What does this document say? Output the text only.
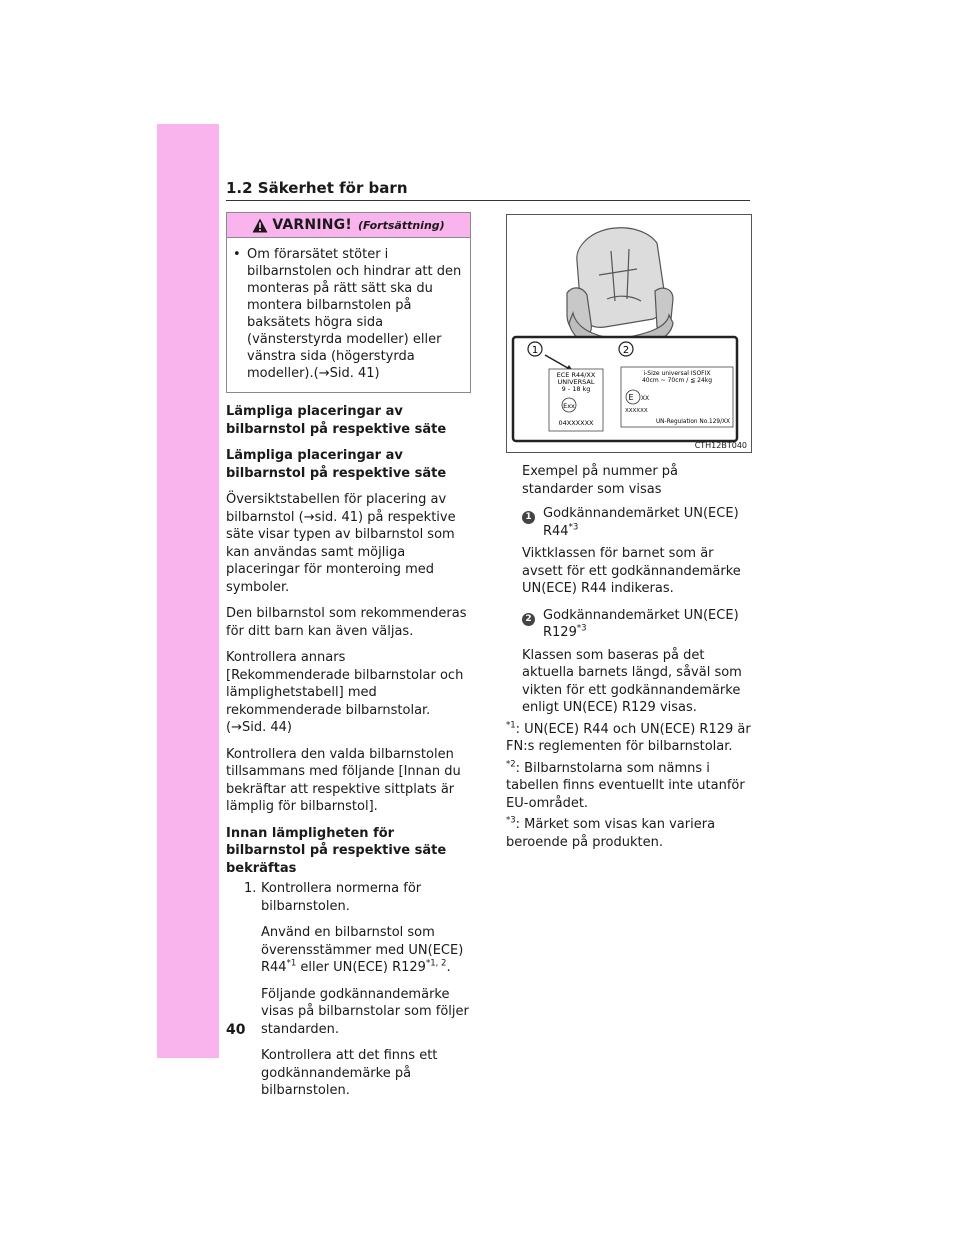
1.2 Säkerhet för barn
VARNING! (Fortsättning)
• Om förarsätet stöter i bilbarnstolen och hindrar att den monteras på rätt sätt ska du montera bilbarnstolen på baksätets högra sida (vänsterstyrda modeller) eller vänstra sida (högerstyrda modeller).(→Sid. 41)

Lämpliga placeringar av bilbarnstol på respektive säte

Lämpliga placeringar av bilbarnstol på respektive säte

Översiktstabellen för placering av bilbarnstol (→sid. 41) på respektive säte visar typen av bilbarnstol som kan användas samt möjliga placeringar för monteroing med symboler.

Den bilbarnstol som rekommenderas för ditt barn kan även väljas.

Kontrollera annars [Rekommenderade bilbarnstolar och lämplighetstabell] med rekommenderade bilbarnstolar. (→Sid. 44)

Kontrollera den valda bilbarnstolen tillsammans med följande [Innan du bekräftar att respektive sittplats är lämplig för bilbarnstol].

Innan lämpligheten för bilbarnstol på respektive säte bekräftas

1. Kontrollera normerna för bilbarnstolen.

Använd en bilbarnstol som överensstämmer med UN(ECE) R44$^{*1}$ eller UN(ECE) R129$^{*1, 2}$.

Följande godkännandemärke visas på bilbarnstolar som följer standarden.

Kontrollera att det finns ett godkännandemärke på bilbarnstolen.

1	2
ECE R44/XX
UNIVERSAL
9 - 18 kg
Exx
04XXXXXX
i-Size universal ISOFIX
40cm ~ 70cm / ≦ 24kg
E XX
XXXXXX
UN-Regulation No.129/XX
CTH12BT040

Exempel på nummer på standarder som visas

1 Godkännandemärket UN(ECE) R44$^{*3}$

Viktklassen för barnet som är avsett för ett godkännandemärke UN(ECE) R44 indikeras.

2 Godkännandemärket UN(ECE) R129$^{*3}$

Klassen som baseras på det aktuella barnets längd, såväl som vikten för ett godkännandemärke enligt UN(ECE) R129 visas.

$^{*1}$: UN(ECE) R44 och UN(ECE) R129 är FN:s reglementen för bilbarnstolar.

$^{*2}$: Bilbarnstolarna som nämns i tabellen finns eventuellt inte utanför EU-området.

$^{*3}$: Märket som visas kan variera beroende på produkten.

40
